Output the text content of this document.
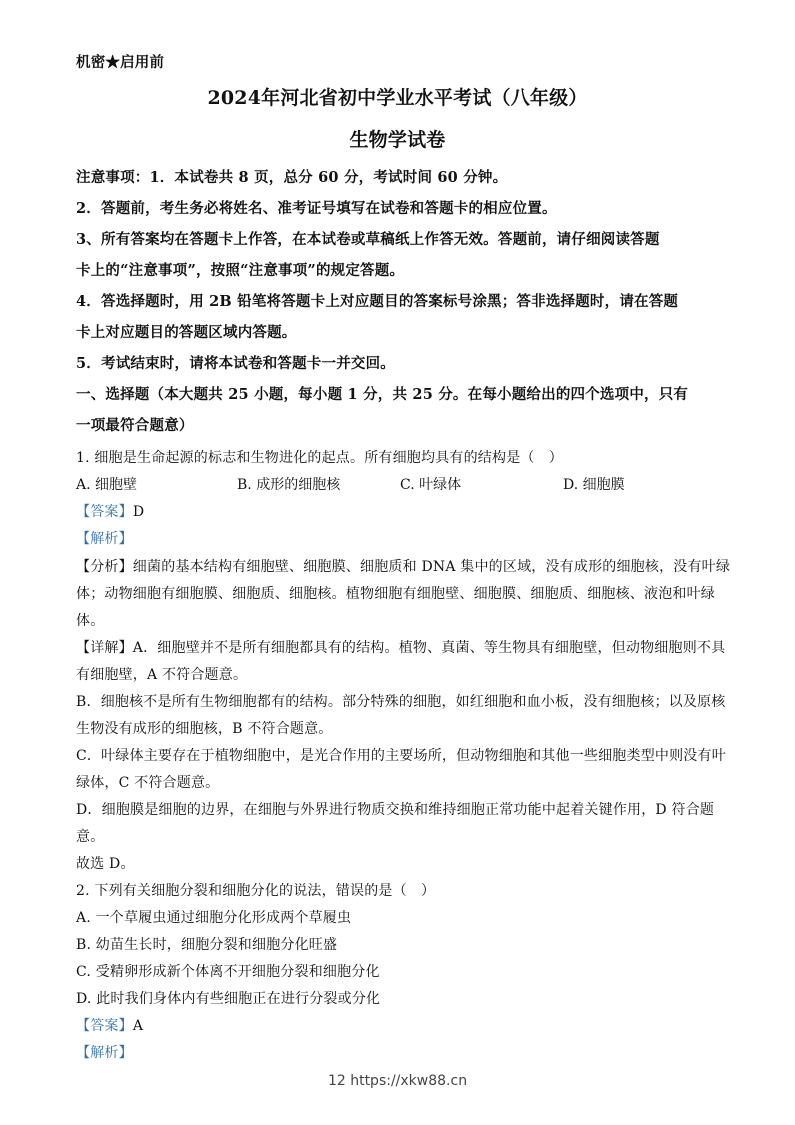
机密★启用前
2024年河北省初中学业水平考试（八年级）
生物学试卷
注意事项：1．本试卷共 8 页，总分 60 分，考试时间 60 分钟。
2．答题前，考生务必将姓名、准考证号填写在试卷和答题卡的相应位置。
3、所有答案均在答题卡上作答，在本试卷或草稿纸上作答无效。答题前，请仔细阅读答题
卡上的“注意事项”，按照“注意事项”的规定答题。
4．答选择题时，用 2B 铅笔将答题卡上对应题目的答案标号涂黑；答非选择题时，请在答题
卡上对应题目的答题区域内答题。
5．考试结束时，请将本试卷和答题卡一并交回。
一、选择题（本大题共 25 小题，每小题 1 分，共 25 分。在每小题给出的四个选项中，只有
一项最符合题意）
1. 细胞是生命起源的标志和生物进化的起点。所有细胞均具有的结构是（　）
A. 细胞壁	B. 成形的细胞核	C. 叶绿体	D. 细胞膜
【答案】D
【解析】
【分析】细菌的基本结构有细胞壁、细胞膜、细胞质和 DNA 集中的区域，没有成形的细胞核，没有叶绿
体；动物细胞有细胞膜、细胞质、细胞核。植物细胞有细胞壁、细胞膜、细胞质、细胞核、液泡和叶绿
体。
【详解】A．细胞壁并不是所有细胞都具有的结构。植物、真菌、等生物具有细胞壁，但动物细胞则不具
有细胞壁，A 不符合题意。
B．细胞核不是所有生物细胞都有的结构。部分特殊的细胞，如红细胞和血小板，没有细胞核；以及原核
生物没有成形的细胞核，B 不符合题意。
C．叶绿体主要存在于植物细胞中，是光合作用的主要场所，但动物细胞和其他一些细胞类型中则没有叶
绿体，C 不符合题意。
D．细胞膜是细胞的边界，在细胞与外界进行物质交换和维持细胞正常功能中起着关键作用，D 符合题
意。
故选 D。
2. 下列有关细胞分裂和细胞分化的说法，错误的是（　）
A. 一个草履虫通过细胞分化形成两个草履虫
B. 幼苗生长时，细胞分裂和细胞分化旺盛
C. 受精卵形成新个体离不开细胞分裂和细胞分化
D. 此时我们身体内有些细胞正在进行分裂或分化
【答案】A
【解析】
12 https://xkw88.cn
